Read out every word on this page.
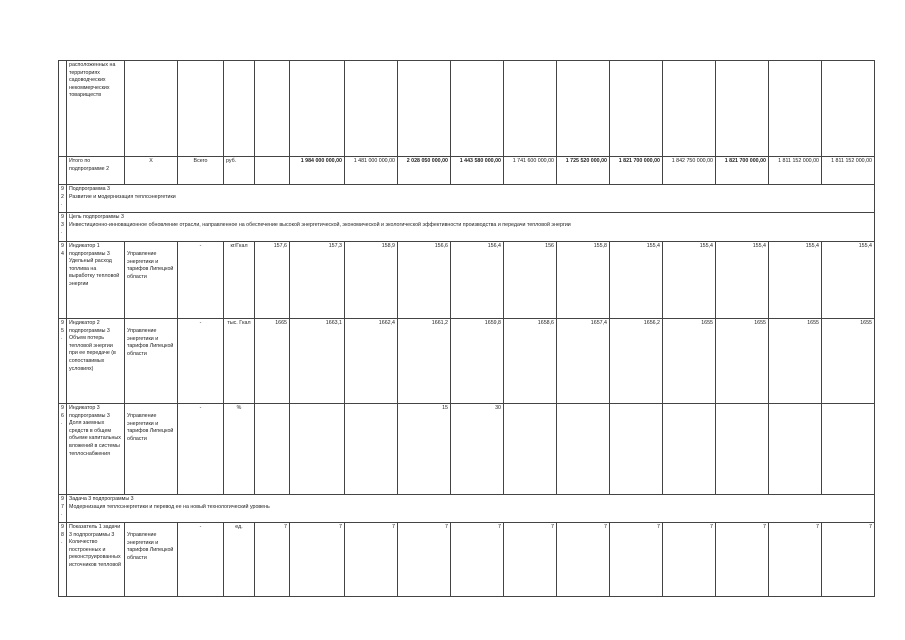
	расположенных на территориях садоводческих некоммерческих товариществ															
	Итого по подпрограмме 2	Х	Всего	руб.		1 984 000 000,00	1 481 000 000,00	2 028 050 000,00	1 443 580 000,00	1 741 600 000,00	1 725 520 000,00	1 821 700 000,00	1 842 750 000,00	1 821 700 000,00	1 811 152 000,00	1 811 152 000,00
92.	Подпрограмма 3
Развитие и модернизация теплоэнергетики															

93.	Цель подпрограммы 3
Инвестиционно-инновационное обновление отрасли, направленное на обеспечение высокой энергетической, экономической и экологической эффективности производства и передачи тепловой энергии															

94	Индикатор 1 подпрограммы 3 Удельный расход топлива на выработку тепловой энергии	Управление энергетики и тарифов Липецкой области	-	кг/Гкал	157,6	157,3	158,9	156,6	156,4	156	155,8	155,4	155,4	155,4	155,4	155,4
95.	Индикатор 2 подпрограммы 3 Объем потерь тепловой энергии при ее передаче (в сопоставимых условиях)	Управление энергетики и тарифов Липецкой области	-	тыс. Гкал	1665	1663,1	1662,4	1661,2	1659,8	1658,6	1657,4	1656,2	1655	1655	1655	1655
96.	Индикатор 3 подпрограммы 3 Доля заемных средств в общем объеме капитальных вложений в системы теплоснабжения	Управление энергетики и тарифов Липецкой области	-	%				15	30							
97.	Задача 3 подпрограммы 3
Модернизация теплоэнергетики и перевод ее на новый технологический уровень															

98.	Показатель 1 задачи 3 подпрограммы 3 Количество построенных и реконструированных источников тепловой	Управление энергетики и тарифов Липецкой области	-	ед.	7	7	7	7	7	7	7	7	7	7	7	7
